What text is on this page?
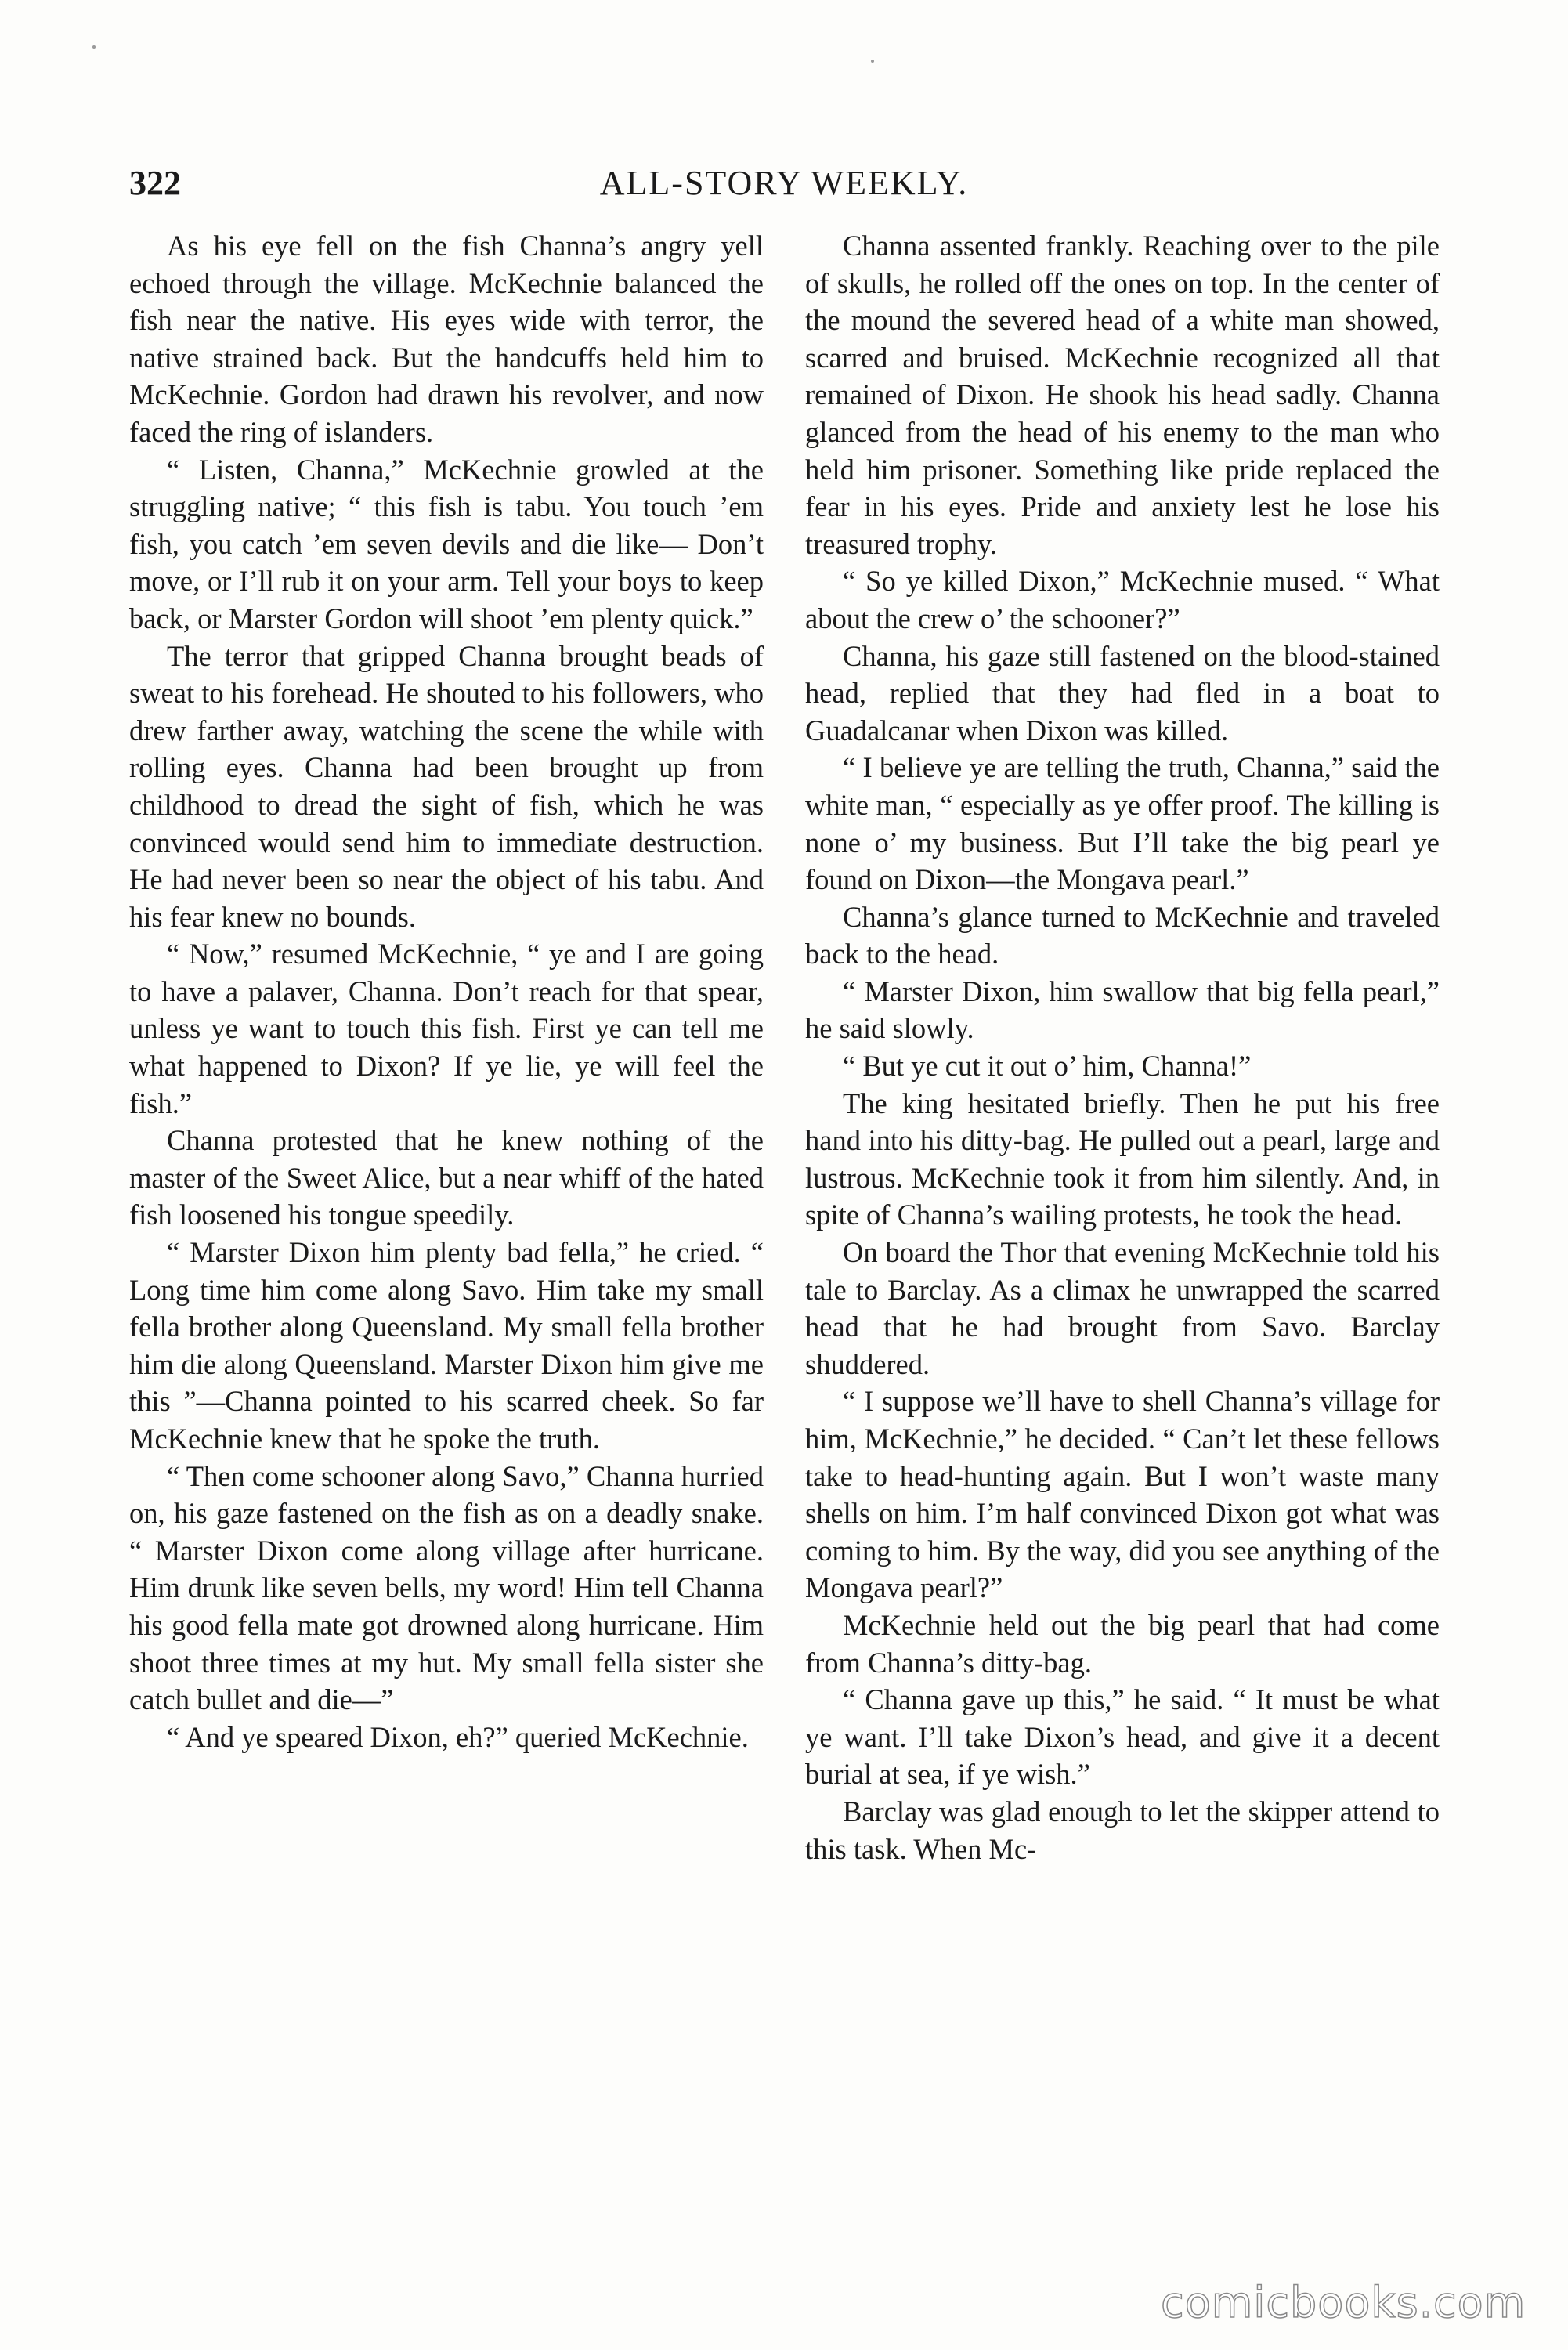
322	ALL-STORY WEEKLY.

As his eye fell on the fish Channa’s angry yell echoed through the village. McKechnie balanced the fish near the native. His eyes wide with terror, the native strained back. But the handcuffs held him to McKechnie. Gordon had drawn his revolver, and now faced the ring of islanders.

“ Listen, Channa,” McKechnie growled at the struggling native; “ this fish is tabu. You touch ’em fish, you catch ’em seven devils and die like— Don’t move, or I’ll rub it on your arm. Tell your boys to keep back, or Marster Gordon will shoot ’em plenty quick.”

The terror that gripped Channa brought beads of sweat to his forehead. He shouted to his followers, who drew farther away, watching the scene the while with rolling eyes. Channa had been brought up from childhood to dread the sight of fish, which he was convinced would send him to immediate destruction. He had never been so near the object of his tabu. And his fear knew no bounds.

“ Now,” resumed McKechnie, “ ye and I are going to have a palaver, Channa. Don’t reach for that spear, unless ye want to touch this fish. First ye can tell me what happened to Dixon? If ye lie, ye will feel the fish.”

Channa protested that he knew nothing of the master of the Sweet Alice, but a near whiff of the hated fish loosened his tongue speedily.

“ Marster Dixon him plenty bad fella,” he cried. “ Long time him come along Savo. Him take my small fella brother along Queensland. My small fella brother him die along Queensland. Marster Dixon him give me this ”—Channa pointed to his scarred cheek. So far McKechnie knew that he spoke the truth.

“ Then come schooner along Savo,” Channa hurried on, his gaze fastened on the fish as on a deadly snake. “ Marster Dixon come along village after hurricane. Him drunk like seven bells, my word! Him tell Channa his good fella mate got drowned along hurricane. Him shoot three times at my hut. My small fella sister she catch bullet and die—”

“ And ye speared Dixon, eh?” queried McKechnie.

Channa assented frankly. Reaching over to the pile of skulls, he rolled off the ones on top. In the center of the mound the severed head of a white man showed, scarred and bruised. McKechnie recognized all that remained of Dixon. He shook his head sadly. Channa glanced from the head of his enemy to the man who held him prisoner. Something like pride replaced the fear in his eyes. Pride and anxiety lest he lose his treasured trophy.

“ So ye killed Dixon,” McKechnie mused. “ What about the crew o’ the schooner?”

Channa, his gaze still fastened on the blood-stained head, replied that they had fled in a boat to Guadalcanar when Dixon was killed.

“ I believe ye are telling the truth, Channa,” said the white man, “ especially as ye offer proof. The killing is none o’ my business. But I’ll take the big pearl ye found on Dixon—the Mongava pearl.”

Channa’s glance turned to McKechnie and traveled back to the head.

“ Marster Dixon, him swallow that big fella pearl,” he said slowly.

“ But ye cut it out o’ him, Channa!”

The king hesitated briefly. Then he put his free hand into his ditty-bag. He pulled out a pearl, large and lustrous. McKechnie took it from him silently. And, in spite of Channa’s wailing protests, he took the head.

On board the Thor that evening McKechnie told his tale to Barclay. As a climax he unwrapped the scarred head that he had brought from Savo. Barclay shuddered.

“ I suppose we’ll have to shell Channa’s village for him, McKechnie,” he decided. “ Can’t let these fellows take to head-hunting again. But I won’t waste many shells on him. I’m half convinced Dixon got what was coming to him. By the way, did you see anything of the Mongava pearl?”

McKechnie held out the big pearl that had come from Channa’s ditty-bag.

“ Channa gave up this,” he said. “ It must be what ye want. I’ll take Dixon’s head, and give it a decent burial at sea, if ye wish.”

Barclay was glad enough to let the skipper attend to this task. When Mc-

comicbooks.com
